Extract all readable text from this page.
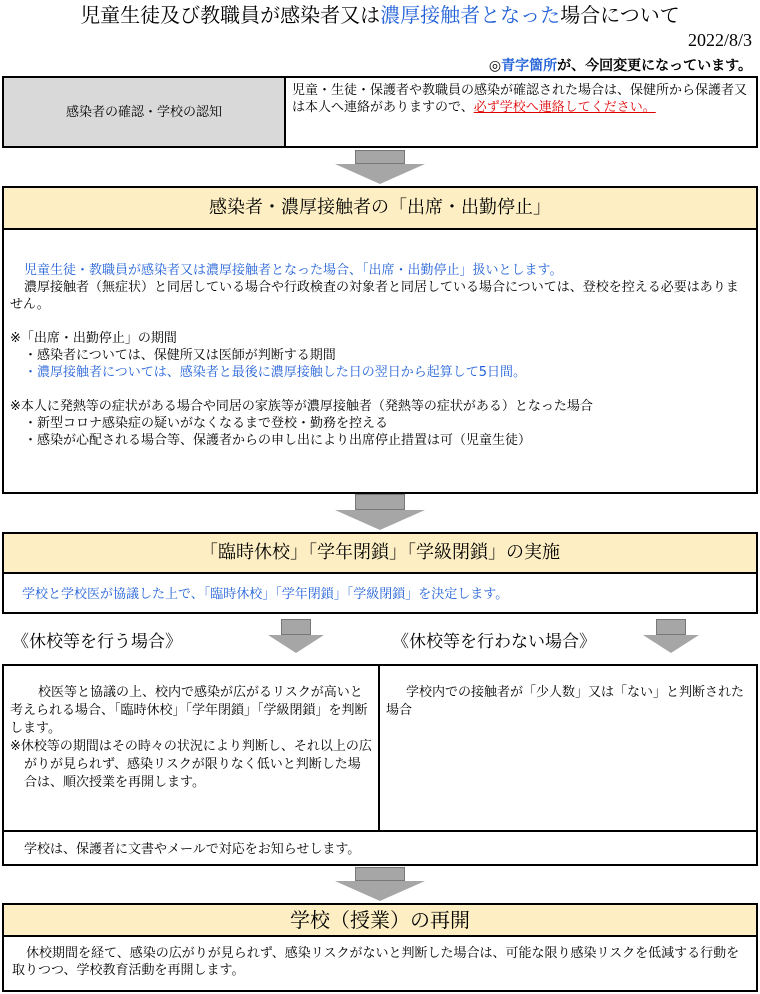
児童生徒及び教職員が感染者又は濃厚接触者となった場合について
2022/8/3
◎青字箇所が、今回変更になっています。
感染者の確認・学校の認知

児童・生徒・保護者や教職員の感染が確認された場合は、保健所から保護者又は本人へ連絡がありますので、必ず学校へ連絡してください。

感染者・濃厚接触者の「出席・出勤停止」

児童生徒・教職員が感染者又は濃厚接触者となった場合、「出席・出勤停止」扱いとします。

濃厚接触者（無症状）と同居している場合や行政検査の対象者と同居している場合については、登校を控える必要はありません。

※「出席・出勤停止」の期間

・感染者については、保健所又は医師が判断する期間

・濃厚接触者については、感染者と最後に濃厚接触した日の翌日から起算して5日間。

※本人に発熱等の症状がある場合や同居の家族等が濃厚接触者（発熱等の症状がある）となった場合

・新型コロナ感染症の疑いがなくなるまで登校・勤務を控える

・感染が心配される場合等、保護者からの申し出により出席停止措置は可（児童生徒）

「臨時休校」「学年閉鎖」「学級閉鎖」の実施

学校と学校医が協議した上で、「臨時休校」「学年閉鎖」「学級閉鎖」を決定します。

《休校等を行う場合》	《休校等を行わない場合》

校医等と協議の上、校内で感染が広がるリスクが高いと考えられる場合、「臨時休校」「学年閉鎖」「学級閉鎖」を判断します。

※休校等の期間はその時々の状況により判断し、それ以上の広がりが見られず、感染リスクが限りなく低いと判断した場合は、順次授業を再開します。

学校内での接触者が「少人数」又は「ない」と判断された場合

学校は、保護者に文書やメールで対応をお知らせします。

学校（授業）の再開

休校期間を経て、感染の広がりが見られず、感染リスクがないと判断した場合は、可能な限り感染リスクを低減する行動を取りつつ、学校教育活動を再開します。
